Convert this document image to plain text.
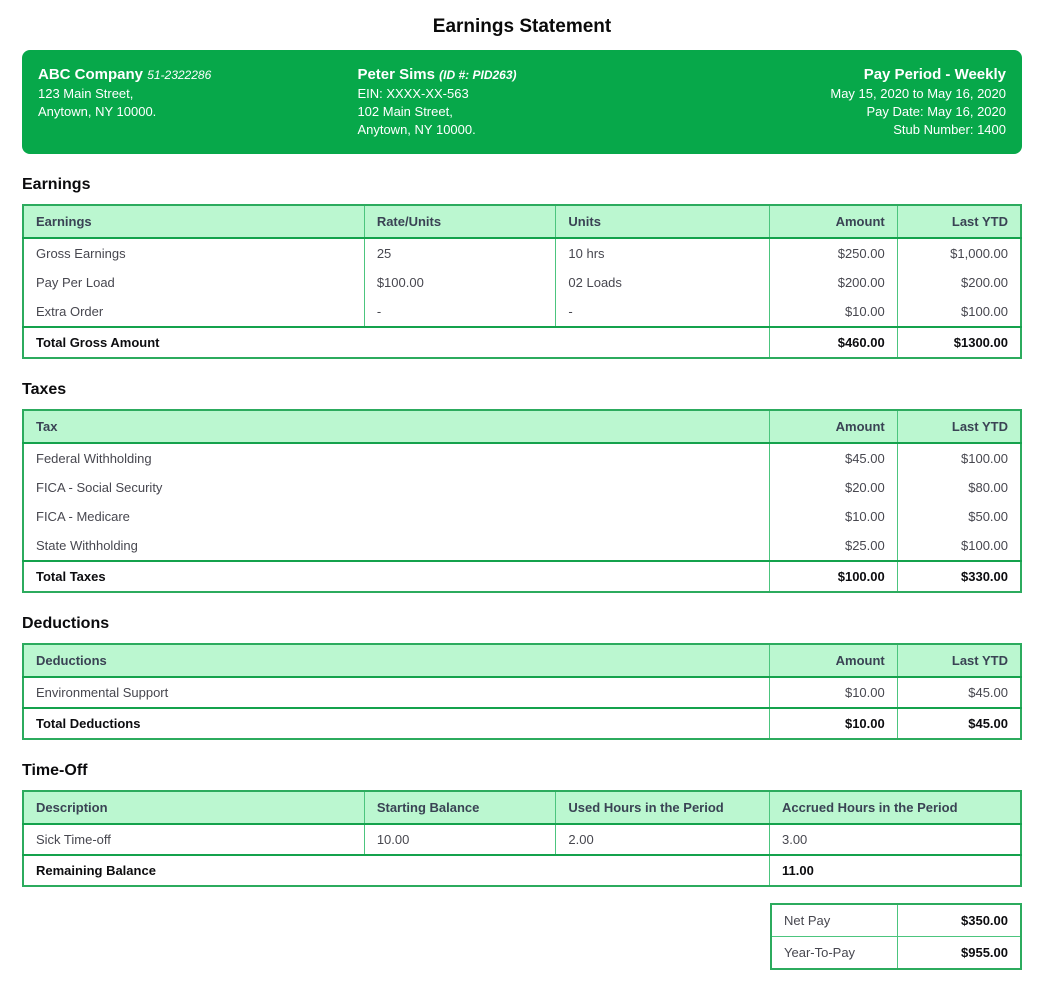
Earnings Statement
ABC Company 51-2322286
123 Main Street,
Anytown, NY 10000.
Peter Sims (ID #: PID263)
EIN: XXXX-XX-563
102 Main Street,
Anytown, NY 10000.
Pay Period - Weekly
May 15, 2020 to May 16, 2020
Pay Date: May 16, 2020
Stub Number: 1400
Earnings
Earnings	Rate/Units	Units	Amount	Last YTD
Gross Earnings	25	10 hrs	$250.00	$1,000.00
Pay Per Load	$100.00	02 Loads	$200.00	$200.00
Extra Order	-	-	$10.00	$100.00
Total Gross Amount			$460.00	$1300.00
Taxes
Tax	Amount	Last YTD
Federal Withholding	$45.00	$100.00
FICA - Social Security	$20.00	$80.00
FICA - Medicare	$10.00	$50.00
State Withholding	$25.00	$100.00
Total Taxes	$100.00	$330.00
Deductions
Deductions	Amount	Last YTD
Environmental Support	$10.00	$45.00
Total Deductions	$10.00	$45.00
Time-Off
Description	Starting Balance	Used Hours in the Period	Accrued Hours in the Period
Sick Time-off	10.00	2.00	3.00
Remaining Balance			11.00
Net Pay	$350.00
Year-To-Pay	$955.00
